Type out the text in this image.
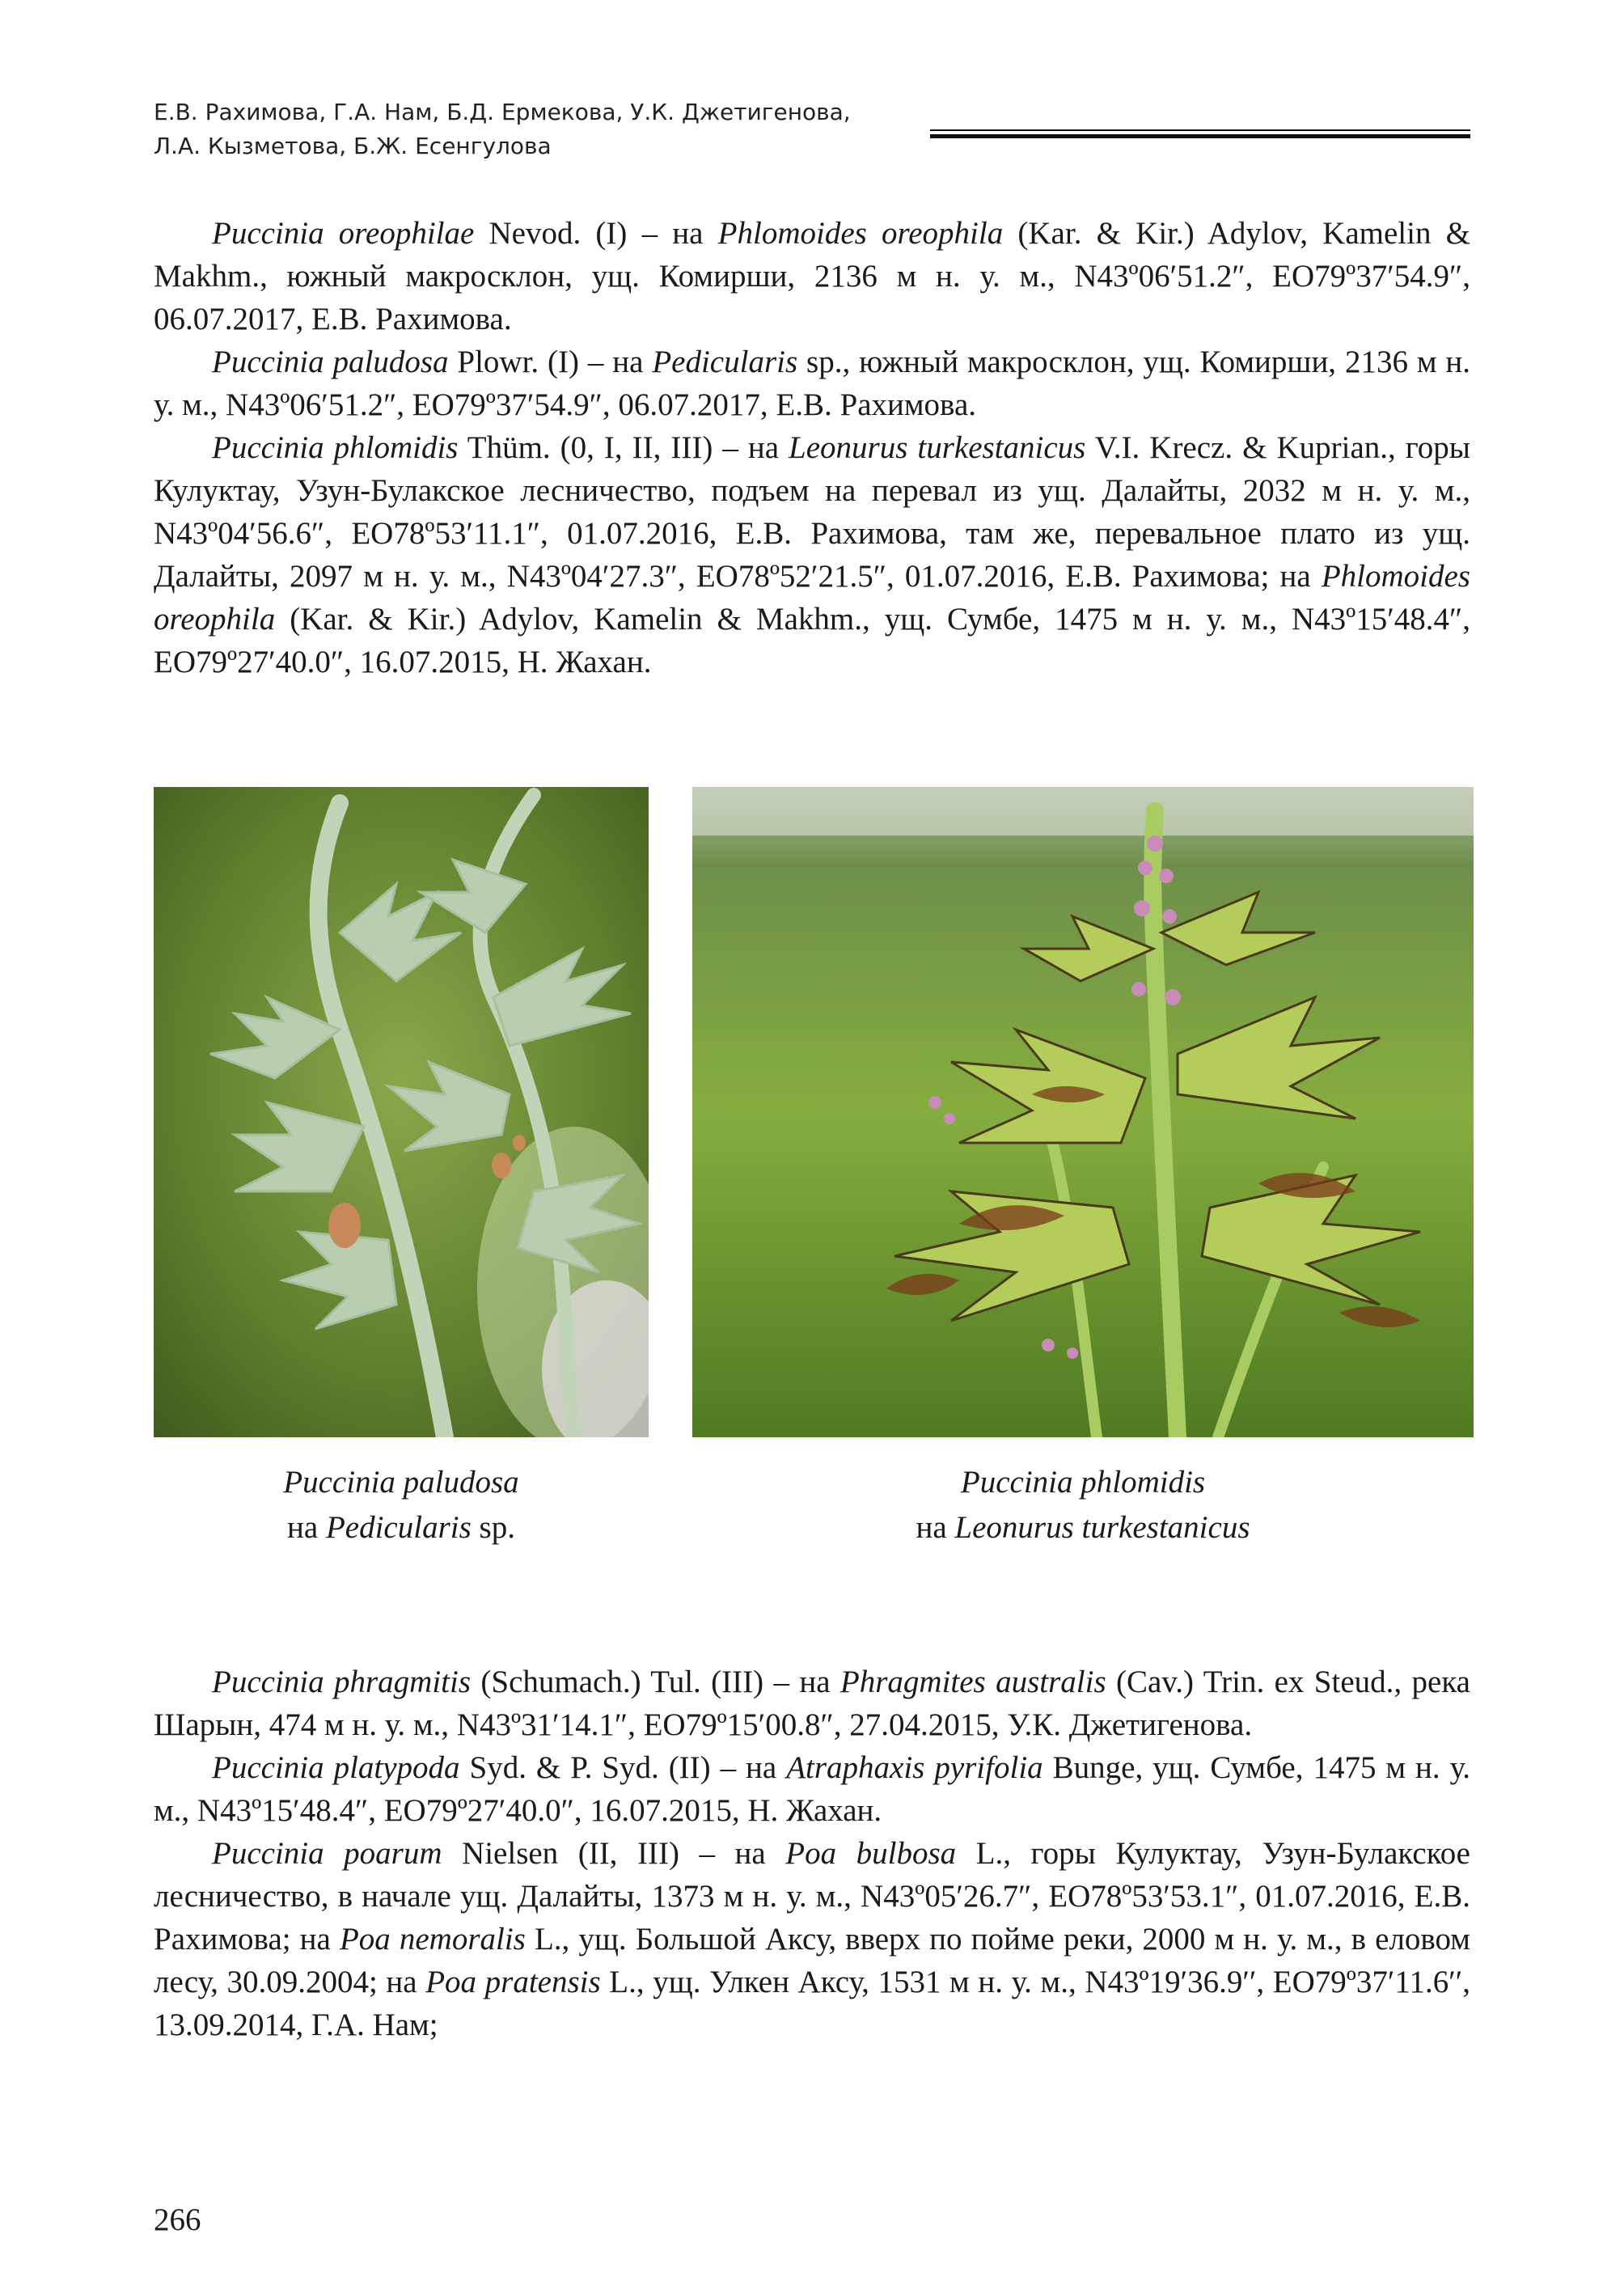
Е.В. Рахимова, Г.А. Нам, Б.Д. Ермекова, У.К. Джетигенова,
Л.А. Кызметова, Б.Ж. Есенгулова

Puccinia oreophilae Nevod. (I) – на Phlomoides oreophila (Kar. & Kir.) Adylov, Kamelin & Makhm., южный макросклон, ущ. Комирши, 2136 м н. у. м., N43º06′51.2″, EO79º37′54.9″, 06.07.2017, Е.В. Рахимова.

Puccinia paludosa Plowr. (I) – на Pedicularis sp., южный макросклон, ущ. Комирши, 2136 м н. у. м., N43º06′51.2″, EO79º37′54.9″, 06.07.2017, Е.В. Рахимова.

Puccinia phlomidis Thüm. (0, I, II, III) – на Leonurus turkestanicus V.I. Krecz. & Kuprian., горы Кулуктау, Узун-Булакское лесничество, подъем на перевал из ущ. Далайты, 2032 м н. у. м., N43º04′56.6″, EO78º53′11.1″, 01.07.2016, Е.В. Рахимова, там же, перевальное плато из ущ. Далайты, 2097 м н. у. м., N43º04′27.3″, EO78º52′21.5″, 01.07.2016, Е.В. Рахимова; на Phlomoides oreophila (Kar. & Kir.) Adylov, Kamelin & Makhm., ущ. Сумбе, 1475 м н. у. м., N43º15′48.4″, EO79º27′40.0″, 16.07.2015, Н. Жахан.

Puccinia paludosa
на Pedicularis sp.
Puccinia phlomidis
на Leonurus turkestanicus

Puccinia phragmitis (Schumach.) Tul. (III) – на Phragmites australis (Cav.) Trin. ex Steud., река Шарын, 474 м н. у. м., N43º31′14.1″, EO79º15′00.8″, 27.04.2015, У.К. Джетигенова.

Puccinia platypoda Syd. & P. Syd. (II) – на Atraphaxis pyrifolia Bunge, ущ. Сумбе, 1475 м н. у. м., N43º15′48.4″, EO79º27′40.0″, 16.07.2015, Н. Жахан.

Puccinia poarum Nielsen (II, III) – на Poa bulbosa L., горы Кулуктау, Узун-Булакское лесничество, в начале ущ. Далайты, 1373 м н. у. м., N43º05′26.7″, EO78º53′53.1″, 01.07.2016, Е.В. Рахимова; на Poa nemoralis L., ущ. Большой Аксу, вверх по пойме реки, 2000 м н. у. м., в еловом лесу, 30.09.2004; на Poa pratensis L., ущ. Улкен Аксу, 1531 м н. у. м., N43º19′36.9′′, EO79º37′11.6′′, 13.09.2014, Г.А. Нам;

266
